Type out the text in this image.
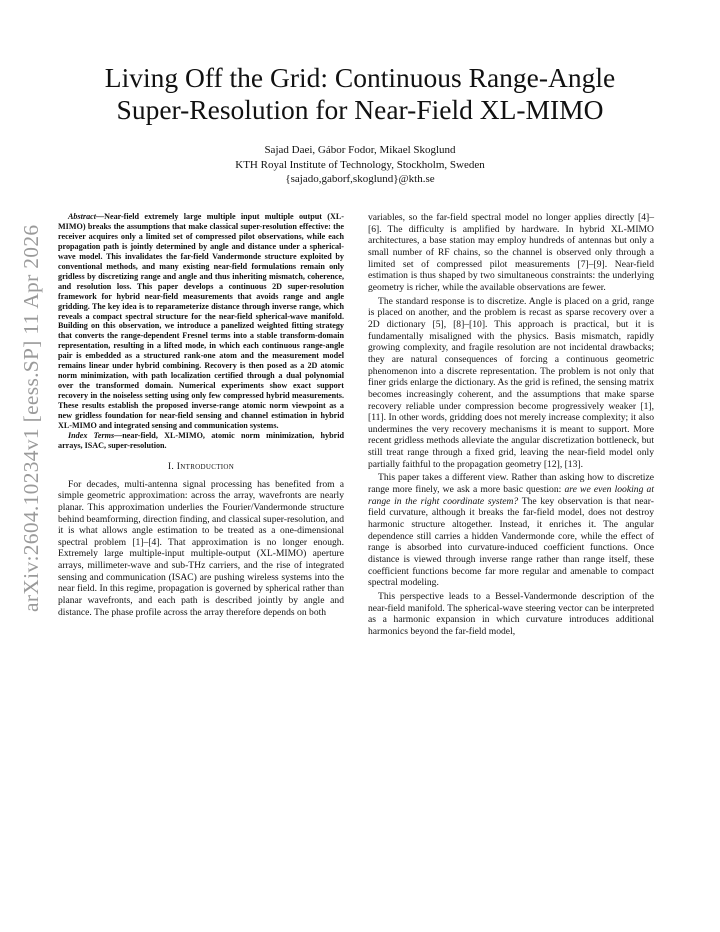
arXiv:2604.10234v1 [eess.SP] 11 Apr 2026
Living Off the Grid: Continuous Range-Angle
Super-Resolution for Near-Field XL-MIMO
Sajad Daei, Gábor Fodor, Mikael Skoglund
KTH Royal Institute of Technology, Stockholm, Sweden
{sajado,gaborf,skoglund}@kth.se

Abstract—Near-field extremely large multiple input multiple output (XL-MIMO) breaks the assumptions that make classical super-resolution effective: the receiver acquires only a limited set of compressed pilot observations, while each propagation path is jointly determined by angle and distance under a spherical-wave model. This invalidates the far-field Vandermonde structure exploited by conventional methods, and many existing near-field formulations remain only gridless by discretizing range and angle and thus inheriting mismatch, coherence, and resolution loss. This paper develops a continuous 2D super-resolution framework for hybrid near-field measurements that avoids range and angle gridding. The key idea is to reparameterize distance through inverse range, which reveals a compact spectral structure for the near-field spherical-wave manifold. Building on this observation, we introduce a panelized weighted fitting strategy that converts the range-dependent Fresnel terms into a stable transform-domain representation, resulting in a lifted mode, in which each continuous range-angle pair is embedded as a structured rank-one atom and the measurement model remains linear under hybrid combining. Recovery is then posed as a 2D atomic norm minimization, with path localization certified through a dual polynomial over the transformed domain. Numerical experiments show exact support recovery in the noiseless setting using only few compressed hybrid measurements. These results establish the proposed inverse-range atomic norm viewpoint as a new gridless foundation for near-field sensing and channel estimation in hybrid XL-MIMO and integrated sensing and communication systems.

Index Terms—near-field, XL-MIMO, atomic norm minimization, hybrid arrays, ISAC, super-resolution.

I. Introduction

For decades, multi-antenna signal processing has benefited from a simple geometric approximation: across the array, wavefronts are nearly planar. This approximation underlies the Fourier/Vandermonde structure behind beamforming, direction finding, and classical super-resolution, and it is what allows angle estimation to be treated as a one-dimensional spectral problem [1]–[4]. That approximation is no longer enough. Extremely large multiple-input multiple-output (XL-MIMO) aperture arrays, millimeter-wave and sub-THz carriers, and the rise of integrated sensing and communication (ISAC) are pushing wireless systems into the near field. In this regime, propagation is governed by spherical rather than planar wavefronts, and each path is described jointly by angle and distance. The phase profile across the array therefore depends on both

variables, so the far-field spectral model no longer applies directly [4]–[6]. The difficulty is amplified by hardware. In hybrid XL-MIMO architectures, a base station may employ hundreds of antennas but only a small number of RF chains, so the channel is observed only through a limited set of compressed pilot measurements [7]–[9]. Near-field estimation is thus shaped by two simultaneous constraints: the underlying geometry is richer, while the available observations are fewer.

The standard response is to discretize. Angle is placed on a grid, range is placed on another, and the problem is recast as sparse recovery over a 2D dictionary [5], [8]–[10]. This approach is practical, but it is fundamentally misaligned with the physics. Basis mismatch, rapidly growing complexity, and fragile resolution are not incidental drawbacks; they are natural consequences of forcing a continuous geometric phenomenon into a discrete representation. The problem is not only that finer grids enlarge the dictionary. As the grid is refined, the sensing matrix becomes increasingly coherent, and the assumptions that make sparse recovery reliable under compression become progressively weaker [1], [11]. In other words, gridding does not merely increase complexity; it also undermines the very recovery mechanisms it is meant to support. More recent gridless methods alleviate the angular discretization bottleneck, but still treat range through a fixed grid, leaving the near-field model only partially faithful to the propagation geometry [12], [13].

This paper takes a different view. Rather than asking how to discretize range more finely, we ask a more basic question: are we even looking at range in the right coordinate system? The key observation is that near-field curvature, although it breaks the far-field model, does not destroy harmonic structure altogether. Instead, it enriches it. The angular dependence still carries a hidden Vandermonde core, while the effect of range is absorbed into curvature-induced coefficient functions. Once distance is viewed through inverse range rather than range itself, these coefficient functions become far more regular and amenable to compact spectral modeling.

This perspective leads to a Bessel-Vandermonde description of the near-field manifold. The spherical-wave steering vector can be interpreted as a harmonic expansion in which curvature introduces additional harmonics beyond the far-field model,
